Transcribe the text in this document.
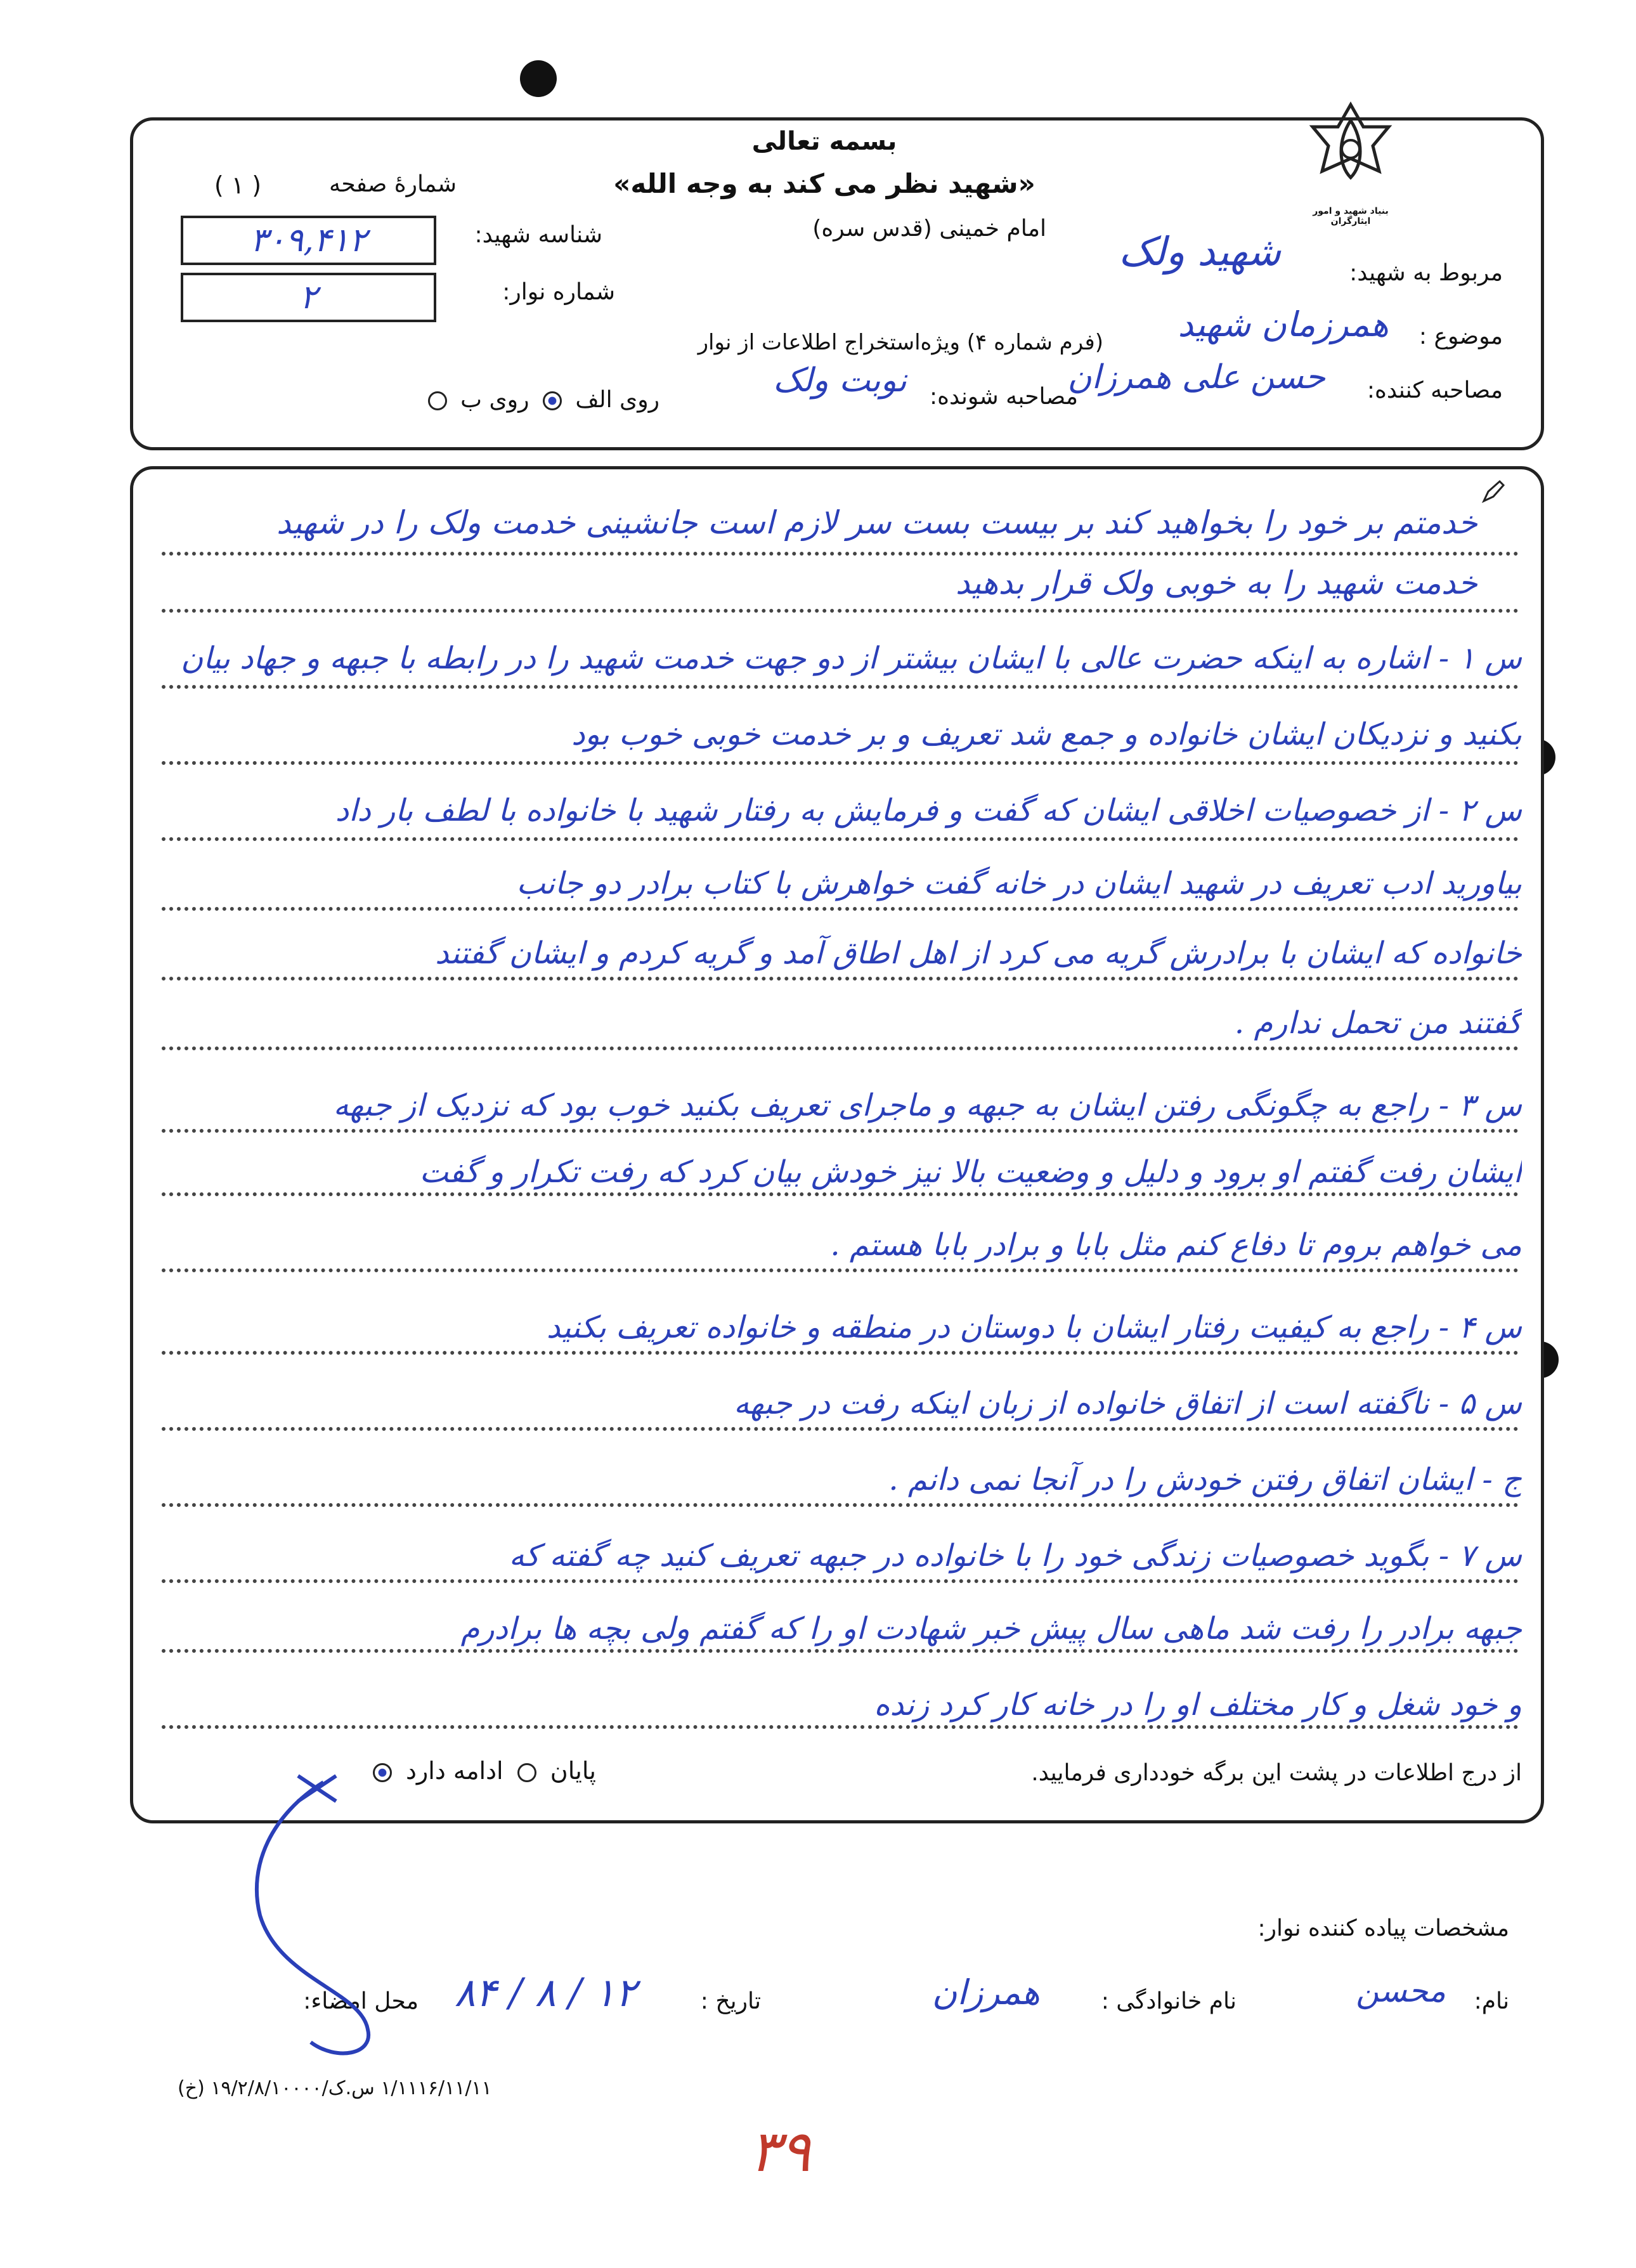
بنیاد شهید و امور ایثارگران
بسمه تعالی
«شهید نظر می کند به وجه الله»
امام خمینی (قدس سره)
شمارهٔ صفحه
( ۱ )
۳۰۹,۴۱۲	شناسه شهید:
۲	شماره نوار:
مربوط به شهید:
شهید ولک
موضوع :
همرزمان شهید
(فرم شماره ۴) ویژه‌استخراج اطلاعات از نوار
مصاحبه کننده:
حسن علی همرزان
مصاحبه شونده:
نوبت ولک
روی الف  روی ب
خدمتم بر خود را بخواهید کند بر بیست بست سر لازم است جانشینی خدمت ولک را در شهید
خدمت شهید را به خوبی ولک قرار بدهید
س ۱ - اشاره به اینکه حضرت عالی با ایشان بیشتر از دو جهت خدمت شهید را در رابطه با جبهه و جهاد بیان
بکنید و نزدیکان ایشان خانواده و جمع شد تعریف و بر خدمت خوبی خوب بود
س ۲ - از خصوصیات اخلاقی ایشان که گفت و فرمایش به رفتار شهید با خانواده با لطف بار داد
بیاورید ادب تعریف در شهید ایشان در خانه گفت خواهرش با کتاب برادر دو جانب
خانواده که ایشان با برادرش گریه می کرد از اهل اطاق آمد و گریه کردم و ایشان گفتند
گفتند من تحمل ندارم .
س ۳ - راجع به چگونگی رفتن ایشان به جبهه و ماجرای تعریف بکنید خوب بود که نزدیک از جبهه
ایشان رفت گفتم او برود و دلیل و وضعیت بالا نیز خودش بیان کرد که رفت تکرار و گفت
می خواهم بروم تا دفاع کنم مثل بابا و برادر بابا هستم .
س ۴ - راجع به کیفیت رفتار ایشان با دوستان در منطقه و خانواده تعریف بکنید
س ۵ - ناگفته است از اتفاق خانواده از زبان اینکه رفت در جبهه
ج - ایشان اتفاق رفتن خودش را در آنجا نمی دانم .
س ۷ - بگوید خصوصیات زندگی خود را با خانواده در جبهه تعریف کنید چه گفته که
جبهه برادر را رفت شد ماهی سال پیش خبر شهادت او را که گفتم ولی بچه ها برادرم
و خود شغل و کار مختلف او را در خانه کار کرد زنده
از درج اطلاعات در پشت این برگه خودداری فرمایید.
پایان  ادامه دارد
مشخصات پیاده کننده نوار:
نام:
محسن
نام خانوادگی :
همرزان
تاریخ :
۸۴ / ۸ / ۱۲
محل امضاء:
۱/۱۱۱۶/۱۱/۱۱ س.ک/۱۹/۲/۸/۱۰۰۰۰ (خ)
۳۹
